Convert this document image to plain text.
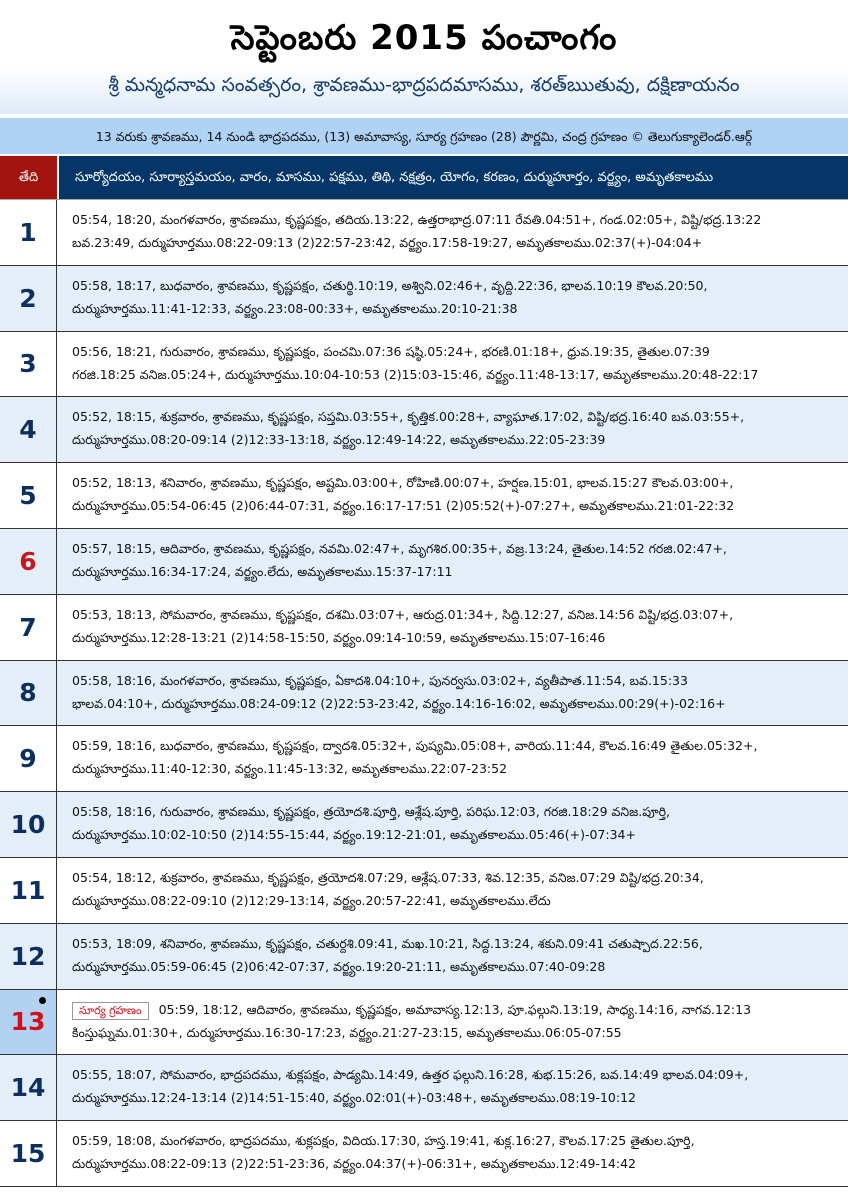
సెప్టెంబరు 2015 పంచాంగం
శ్రీ మన్మధనామ సంవత్సరం, శ్రావణము-భాద్రపదమాసము, శరత్‌ఋతువు, దక్షిణాయనం
13 వరుకు శ్రావణము, 14 నుండి భాద్రపదము, (13) అమావాస్య, సూర్య గ్రహణం (28) పౌర్ణమి, చంద్ర గ్రహణం © తెలుగుక్యాలెండర్.ఆర్గ్
తేది	సూర్యోదయం, సూర్యాస్తమయం, వారం, మాసము, పక్షము, తిథి, నక్షత్రం, యోగం, కరణం, దుర్ముహూర్తం, వర్జ్యం, అమృతకాలము
1	05:54, 18:20, మంగళవారం, శ్రావణము, కృష్ణపక్షం, తదియ.13:22, ఉత్తరాభాద్ర.07:11 రేవతి.04:51+, గండ.02:05+, విష్టి/భద్ర.13:22
బవ.23:49, దుర్ముహూర్తము.08:22-09:13 (2)22:57-23:42, వర్జ్యం.17:58-19:27, అమృతకాలము.02:37(+)-04:04+
2	05:58, 18:17, బుధవారం, శ్రావణము, కృష్ణపక్షం, చతుర్థి.10:19, అశ్విని.02:46+, వృద్ది.22:36, భాలవ.10:19 కౌలవ.20:50,
దుర్ముహూర్తము.11:41-12:33, వర్జ్యం.23:08-00:33+, అమృతకాలము.20:10-21:38
3	05:56, 18:21, గురువారం, శ్రావణము, కృష్ణపక్షం, పంచమి.07:36 షష్ఠి.05:24+, భరణి.01:18+, ధ్రువ.19:35, తైతుల.07:39
గరజి.18:25 వనిజ.05:24+, దుర్ముహూర్తము.10:04-10:53 (2)15:03-15:46, వర్జ్యం.11:48-13:17, అమృతకాలము.20:48-22:17
4	05:52, 18:15, శుక్రవారం, శ్రావణము, కృష్ణపక్షం, సప్తమి.03:55+, కృత్తిక.00:28+, వ్యాఘాత.17:02, విష్టి/భద్ర.16:40 బవ.03:55+,
దుర్ముహూర్తము.08:20-09:14 (2)12:33-13:18, వర్జ్యం.12:49-14:22, అమృతకాలము.22:05-23:39
5	05:52, 18:13, శనివారం, శ్రావణము, కృష్ణపక్షం, అష్టమి.03:00+, రోహిణి.00:07+, హర్షణ.15:01, భాలవ.15:27 కౌలవ.03:00+,
దుర్ముహూర్తము.05:54-06:45 (2)06:44-07:31, వర్జ్యం.16:17-17:51 (2)05:52(+)-07:27+, అమృతకాలము.21:01-22:32
6	05:57, 18:15, ఆదివారం, శ్రావణము, కృష్ణపక్షం, నవమి.02:47+, మృగశిర.00:35+, వజ్ర.13:24, తైతుల.14:52 గరజి.02:47+,
దుర్ముహూర్తము.16:34-17:24, వర్జ్యం.లేదు, అమృతకాలము.15:37-17:11
7	05:53, 18:13, సోమవారం, శ్రావణము, కృష్ణపక్షం, దశమి.03:07+, ఆరుద్ర.01:34+, సిద్ది.12:27, వనిజ.14:56 విష్టి/భద్ర.03:07+,
దుర్ముహూర్తము.12:28-13:21 (2)14:58-15:50, వర్జ్యం.09:14-10:59, అమృతకాలము.15:07-16:46
8	05:58, 18:16, మంగళవారం, శ్రావణము, కృష్ణపక్షం, ఏకాదశి.04:10+, పునర్వసు.03:02+, వ్యతీపాత.11:54, బవ.15:33
భాలవ.04:10+, దుర్ముహూర్తము.08:24-09:12 (2)22:53-23:42, వర్జ్యం.14:16-16:02, అమృతకాలము.00:29(+)-02:16+
9	05:59, 18:16, బుధవారం, శ్రావణము, కృష్ణపక్షం, ద్వాదశి.05:32+, పుష్యమి.05:08+, వారియ.11:44, కౌలవ.16:49 తైతుల.05:32+,
దుర్ముహూర్తము.11:40-12:30, వర్జ్యం.11:45-13:32, అమృతకాలము.22:07-23:52
10	05:58, 18:16, గురువారం, శ్రావణము, కృష్ణపక్షం, త్రయోదశి.పూర్తి, ఆశ్లేష.పూర్తి, పరిఘ.12:03, గరజి.18:29 వనిజ.పూర్తి,
దుర్ముహూర్తము.10:02-10:50 (2)14:55-15:44, వర్జ్యం.19:12-21:01, అమృతకాలము.05:46(+)-07:34+
11	05:54, 18:12, శుక్రవారం, శ్రావణము, కృష్ణపక్షం, త్రయోదశి.07:29, ఆశ్లేష.07:33, శివ.12:35, వనిజ.07:29 విష్టి/భద్ర.20:34,
దుర్ముహూర్తము.08:22-09:10 (2)12:29-13:14, వర్జ్యం.20:57-22:41, అమృతకాలము.లేదు
12	05:53, 18:09, శనివారం, శ్రావణము, కృష్ణపక్షం, చతుర్దశి.09:41, మఖ.10:21, సిద్ద.13:24, శకుని.09:41 చతుష్పాద.22:56,
దుర్ముహూర్తము.05:59-06:45 (2)06:42-07:37, వర్జ్యం.19:20-21:11, అమృతకాలము.07:40-09:28
13	సూర్య గ్రహణం 05:59, 18:12, ఆదివారం, శ్రావణము, కృష్ణపక్షం, అమావాస్య.12:13, పూ.ఫల్గుని.13:19, సాధ్య.14:16, నాగవ.12:13
కింస్తుఘ్నమ.01:30+, దుర్ముహూర్తము.16:30-17:23, వర్జ్యం.21:27-23:15, అమృతకాలము.06:05-07:55
14	05:55, 18:07, సోమవారం, భాద్రపదము, శుక్లపక్షం, పాడ్యమి.14:49, ఉత్తర ఫల్గుని.16:28, శుభ.15:26, బవ.14:49 భాలవ.04:09+,
దుర్ముహూర్తము.12:24-13:14 (2)14:51-15:40, వర్జ్యం.02:01(+)-03:48+, అమృతకాలము.08:19-10:12
15	05:59, 18:08, మంగళవారం, భాద్రపదము, శుక్లపక్షం, విదియ.17:30, హస్త.19:41, శుక్ల.16:27, కౌలవ.17:25 తైతుల.పూర్తి,
దుర్ముహూర్తము.08:22-09:13 (2)22:51-23:36, వర్జ్యం.04:37(+)-06:31+, అమృతకాలము.12:49-14:42
